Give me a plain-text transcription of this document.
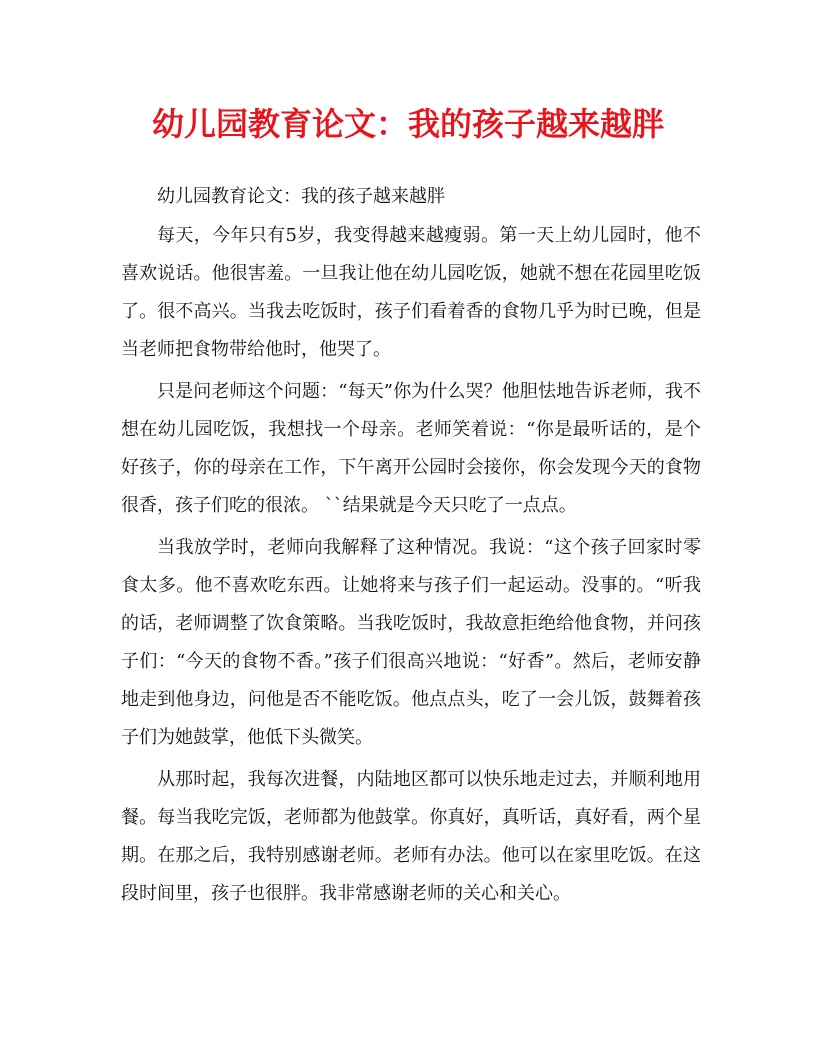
幼儿园教育论文：我的孩子越来越胖

幼儿园教育论文：我的孩子越来越胖

每天，今年只有5岁，我变得越来越瘦弱。第一天上幼儿园时，他不喜欢说话。他很害羞。一旦我让他在幼儿园吃饭，她就不想在花园里吃饭了。很不高兴。当我去吃饭时，孩子们看着香的食物几乎为时已晚，但是当老师把食物带给他时，他哭了。

只是问老师这个问题：“每天”你为什么哭？他胆怯地告诉老师，我不想在幼儿园吃饭，我想找一个母亲。老师笑着说：“你是最听话的，是个好孩子，你的母亲在工作，下午离开公园时会接你，你会发现今天的食物很香，孩子们吃的很浓。 ``结果就是今天只吃了一点点。

当我放学时，老师向我解释了这种情况。我说：“这个孩子回家时零食太多。他不喜欢吃东西。让她将来与孩子们一起运动。没事的。“听我的话，老师调整了饮食策略。当我吃饭时，我故意拒绝给他食物，并问孩子们：“今天的食物不香。”孩子们很高兴地说：“好香”。然后，老师安静地走到他身边，问他是否不能吃饭。他点点头，吃了一会儿饭，鼓舞着孩子们为她鼓掌，他低下头微笑。

从那时起，我每次进餐，内陆地区都可以快乐地走过去，并顺利地用餐。每当我吃完饭，老师都为他鼓掌。你真好，真听话，真好看，两个星期。在那之后，我特别感谢老师。老师有办法。他可以在家里吃饭。在这段时间里，孩子也很胖。我非常感谢老师的关心和关心。
